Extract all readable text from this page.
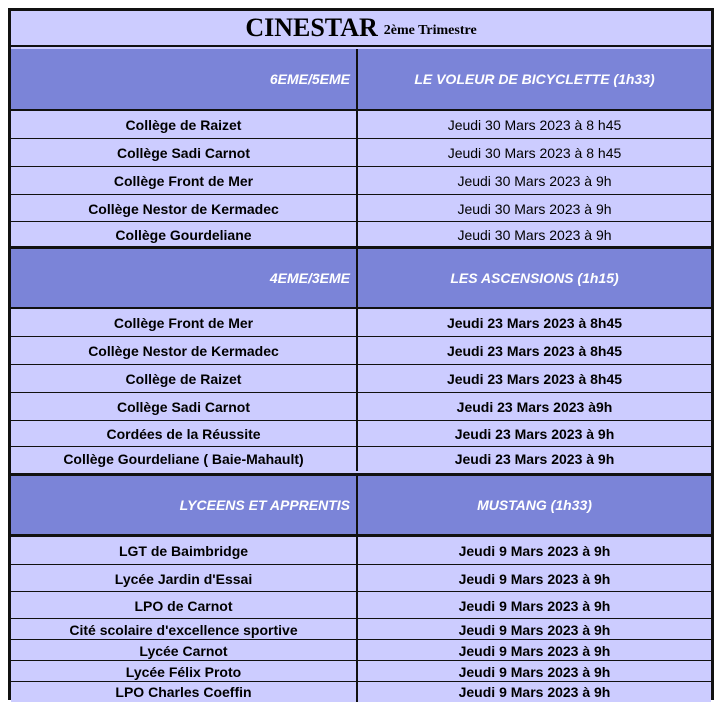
CINESTAR 2ème Trimestre
6EME/5EME	LE VOLEUR DE BICYCLETTE (1h33)
Collège de Raizet	Jeudi 30 Mars 2023 à 8 h45
Collège Sadi Carnot	Jeudi 30 Mars 2023 à 8 h45
Collège Front de Mer	Jeudi 30 Mars 2023 à 9h
Collège Nestor de Kermadec	Jeudi 30 Mars 2023 à 9h
Collège Gourdeliane	Jeudi 30 Mars 2023 à 9h
4EME/3EME	LES ASCENSIONS (1h15)
Collège Front de Mer	Jeudi 23 Mars 2023 à 8h45
Collège Nestor de Kermadec	Jeudi 23 Mars 2023 à 8h45
Collège de Raizet	Jeudi 23 Mars 2023 à 8h45
Collège Sadi Carnot	Jeudi 23 Mars 2023 à9h
Cordées de la Réussite	Jeudi 23 Mars 2023 à 9h
Collège Gourdeliane ( Baie-Mahault)	Jeudi 23 Mars 2023 à 9h
LYCEENS ET APPRENTIS	MUSTANG (1h33)
LGT de Baimbridge	Jeudi 9 Mars 2023 à 9h
Lycée Jardin d'Essai	Jeudi 9 Mars 2023 à 9h
LPO de Carnot	Jeudi 9 Mars 2023 à 9h
Cité scolaire d'excellence sportive	Jeudi 9 Mars 2023 à 9h
Lycée Carnot	Jeudi 9 Mars 2023 à 9h
Lycée Félix Proto	Jeudi 9 Mars 2023 à 9h
LPO Charles Coeffin	Jeudi 9 Mars 2023 à 9h
